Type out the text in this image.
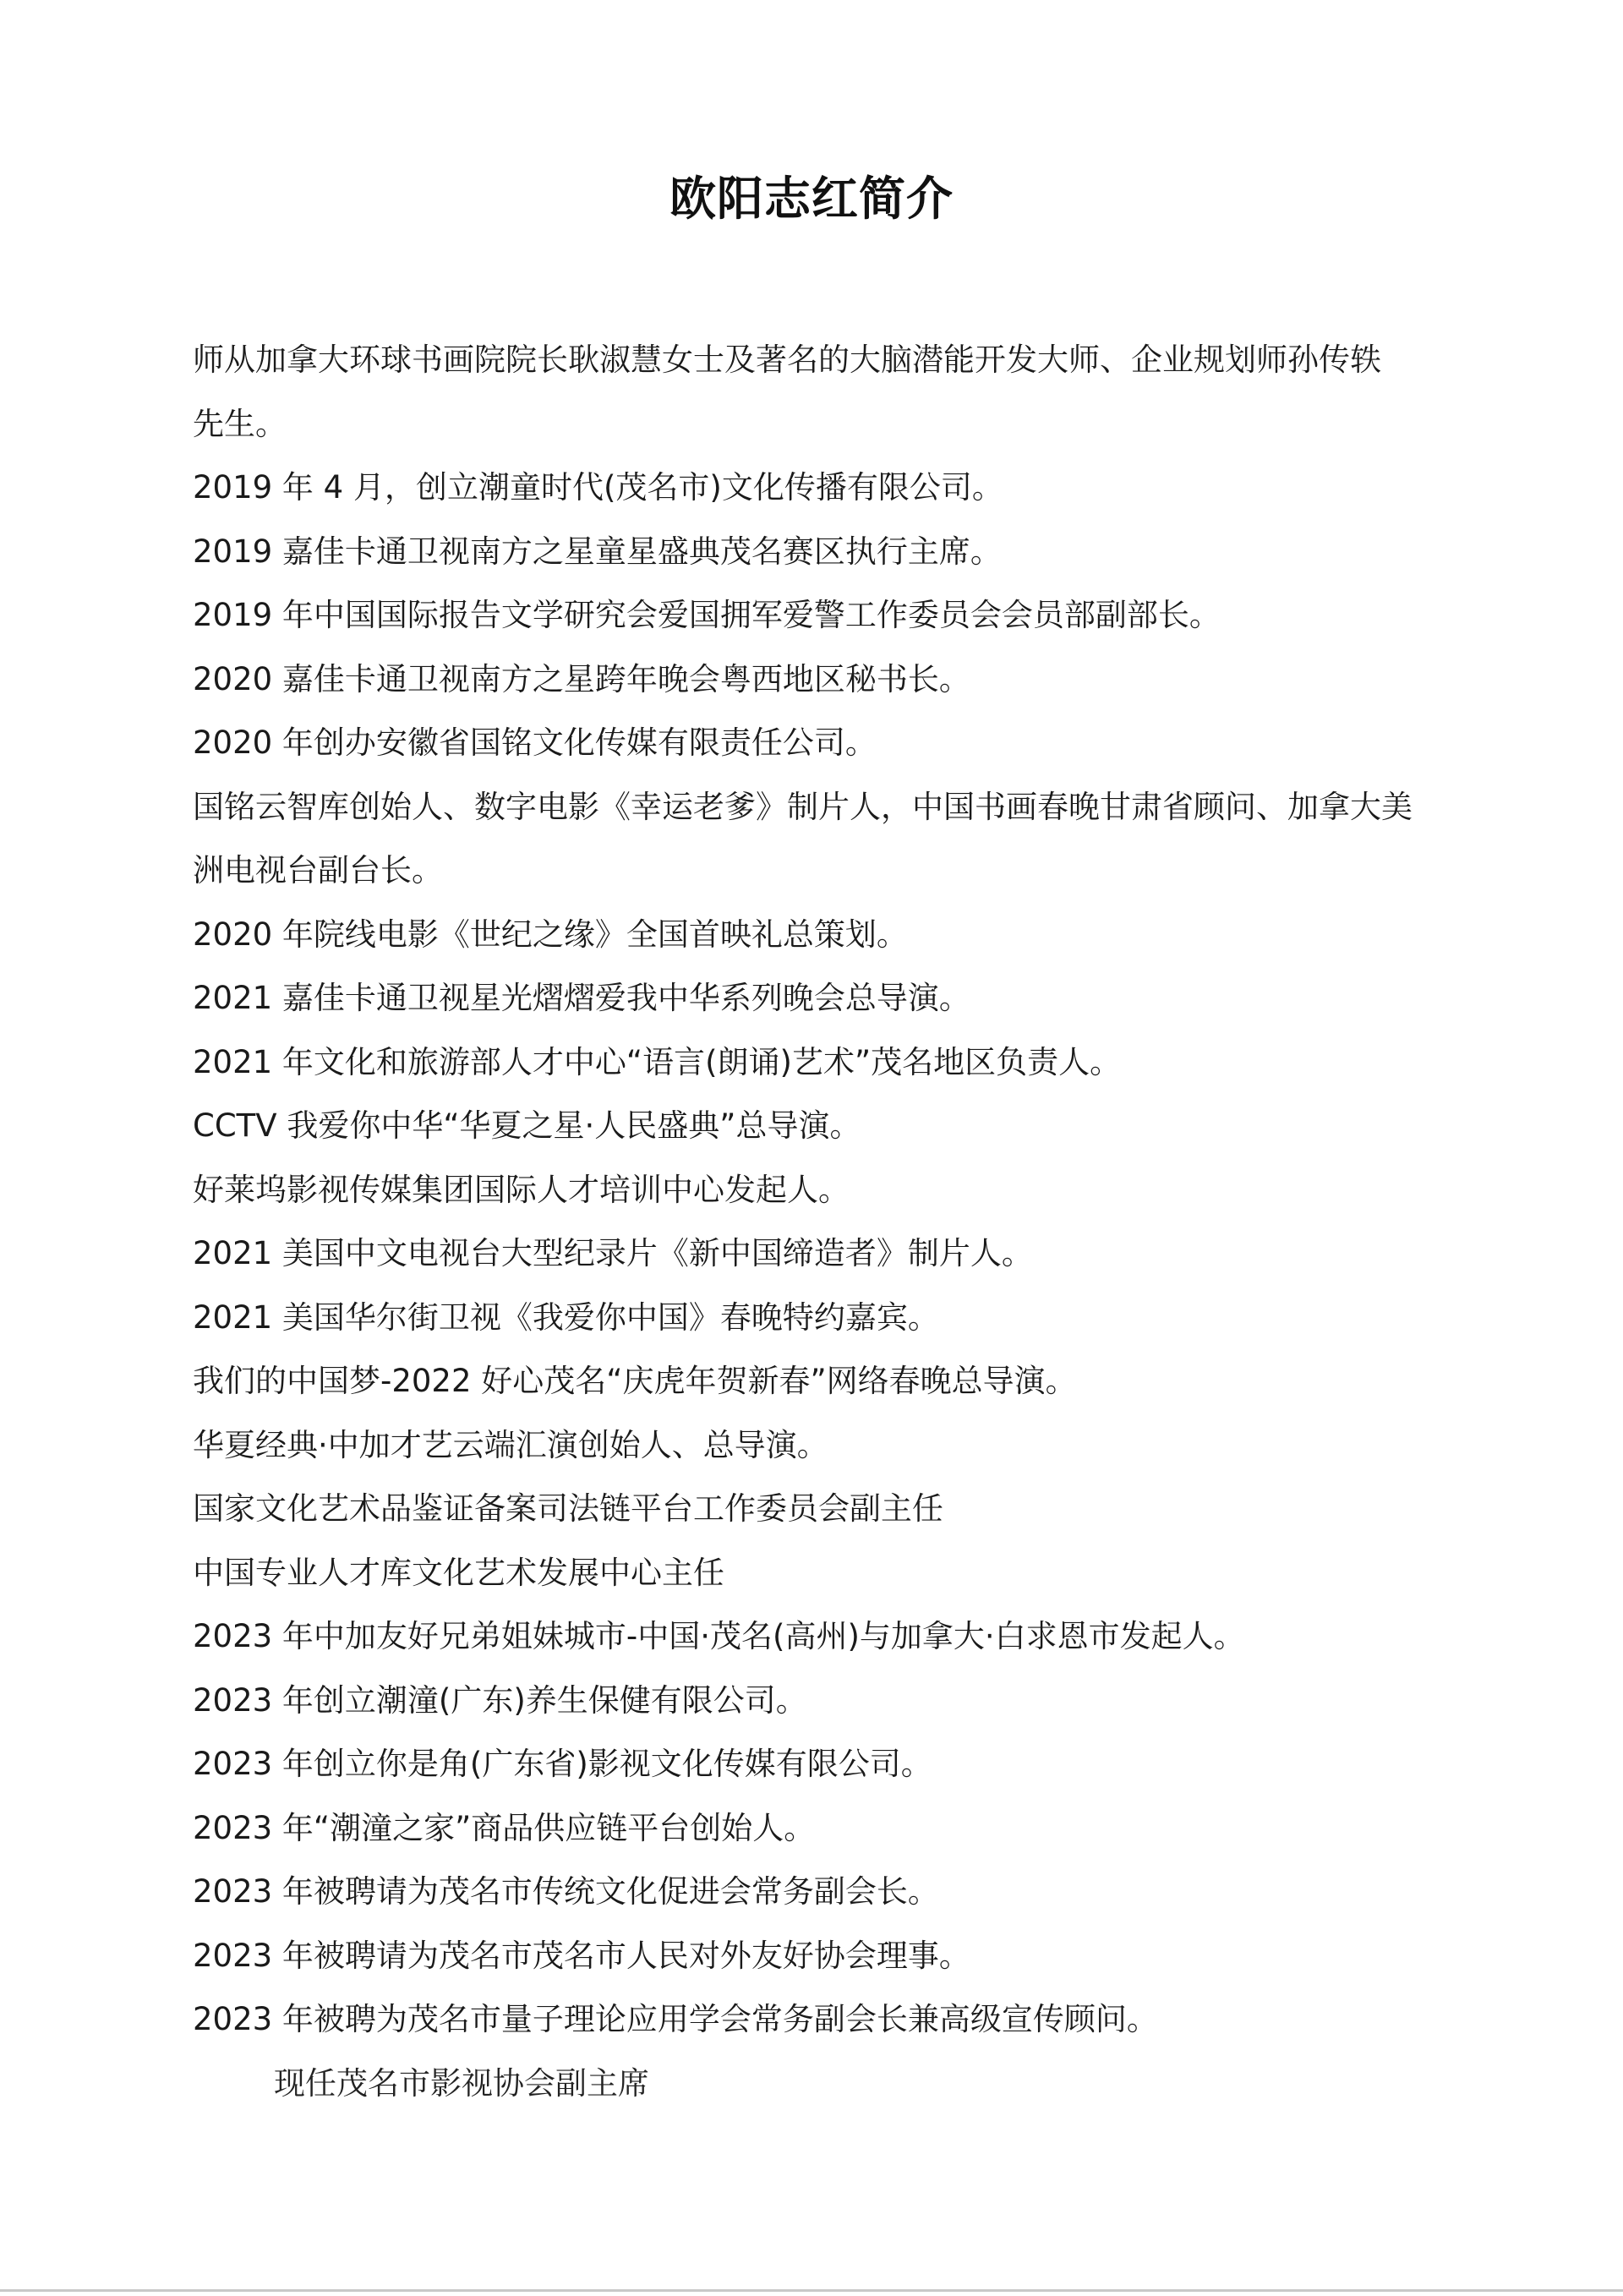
欧阳志红简介
师从加拿大环球书画院院长耿淑慧女士及著名的大脑潜能开发大师、企业规划师孙传轶
先生。
2019 年 4 月，创立潮童时代(茂名市)文化传播有限公司。
2019 嘉佳卡通卫视南方之星童星盛典茂名赛区执行主席。
2019 年中国国际报告文学研究会爱国拥军爱警工作委员会会员部副部长。
2020 嘉佳卡通卫视南方之星跨年晚会粤西地区秘书长。
2020 年创办安徽省国铭文化传媒有限责任公司。
国铭云智库创始人、数字电影《幸运老爹》制片人，中国书画春晚甘肃省顾问、加拿大美
洲电视台副台长。
2020 年院线电影《世纪之缘》全国首映礼总策划。
2021 嘉佳卡通卫视星光熠熠爱我中华系列晚会总导演。
2021 年文化和旅游部人才中心“语言(朗诵)艺术”茂名地区负责人。
CCTV 我爱你中华“华夏之星·人民盛典”总导演。
好莱坞影视传媒集团国际人才培训中心发起人。
2021 美国中文电视台大型纪录片《新中国缔造者》制片人。
2021 美国华尔街卫视《我爱你中国》春晚特约嘉宾。
我们的中国梦-2022 好心茂名“庆虎年贺新春”网络春晚总导演。
华夏经典·中加才艺云端汇演创始人、总导演。
国家文化艺术品鉴证备案司法链平台工作委员会副主任
中国专业人才库文化艺术发展中心主任
2023 年中加友好兄弟姐妹城市-中国·茂名(高州)与加拿大·白求恩市发起人。
2023 年创立潮潼(广东)养生保健有限公司。
2023 年创立你是角(广东省)影视文化传媒有限公司。
2023 年“潮潼之家”商品供应链平台创始人。
2023 年被聘请为茂名市传统文化促进会常务副会长。
2023 年被聘请为茂名市茂名市人民对外友好协会理事。
2023 年被聘为茂名市量子理论应用学会常务副会长兼高级宣传顾问。
现任茂名市影视协会副主席
